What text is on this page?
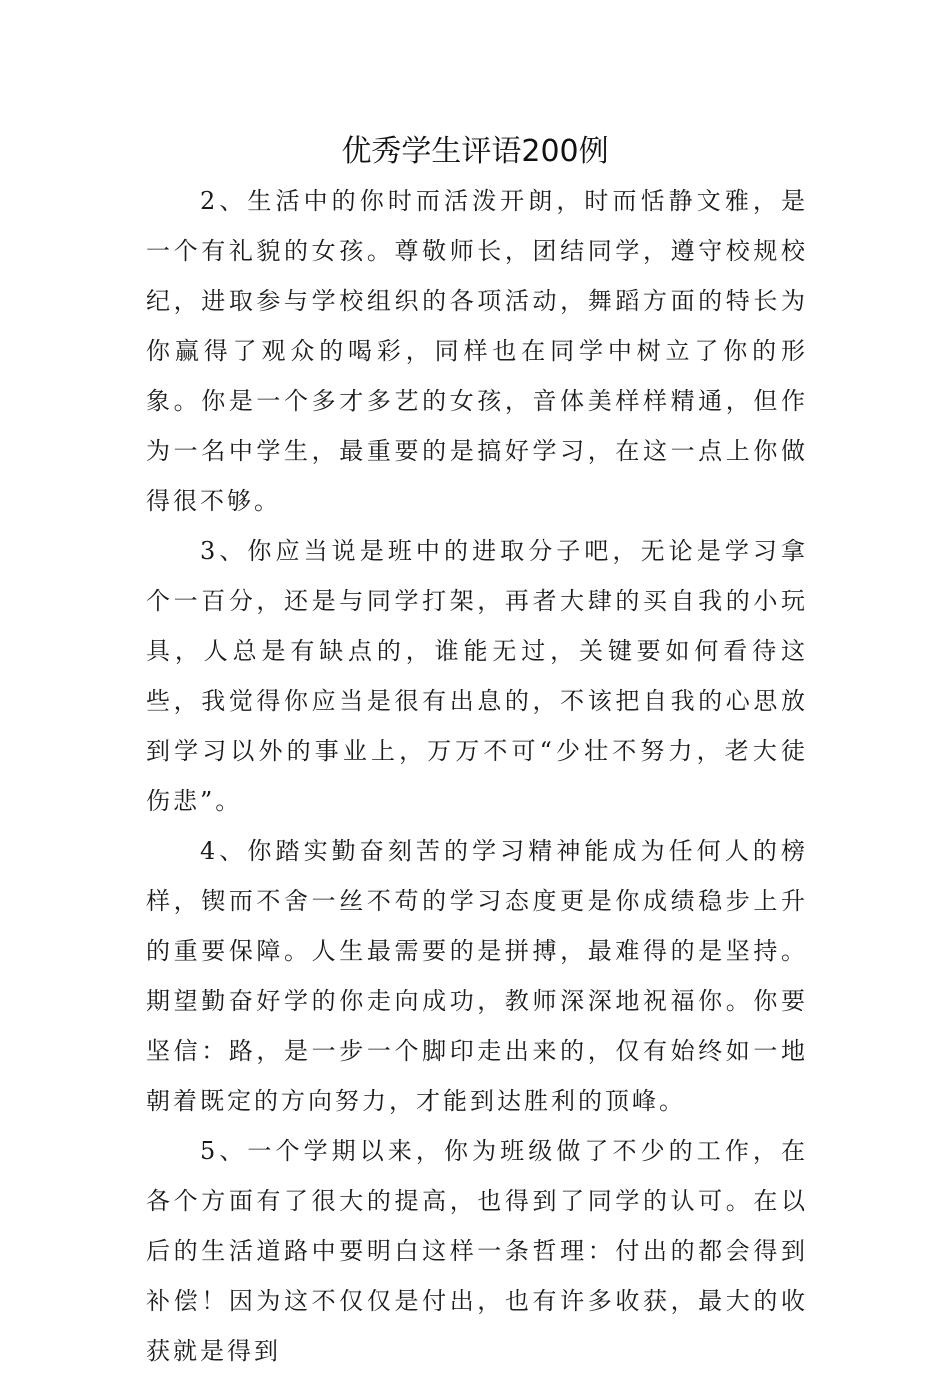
优秀学生评语200例

2、生活中的你时而活泼开朗，时而恬静文雅，是一个有礼貌的女孩。尊敬师长，团结同学，遵守校规校纪，进取参与学校组织的各项活动，舞蹈方面的特长为你赢得了观众的喝彩，同样也在同学中树立了你的形象。你是一个多才多艺的女孩，音体美样样精通，但作为一名中学生，最重要的是搞好学习，在这一点上你做得很不够。

3、你应当说是班中的进取分子吧，无论是学习拿个一百分，还是与同学打架，再者大肆的买自我的小玩具，人总是有缺点的，谁能无过，关键要如何看待这些，我觉得你应当是很有出息的，不该把自我的心思放到学习以外的事业上，万万不可“少壮不努力，老大徒伤悲”。

4、你踏实勤奋刻苦的学习精神能成为任何人的榜样，锲而不舍一丝不苟的学习态度更是你成绩稳步上升的重要保障。人生最需要的是拼搏，最难得的是坚持。期望勤奋好学的你走向成功，教师深深地祝福你。你要坚信：路，是一步一个脚印走出来的，仅有始终如一地朝着既定的方向努力，才能到达胜利的顶峰。

5、一个学期以来，你为班级做了不少的工作，在各个方面有了很大的提高，也得到了同学的认可。在以后的生活道路中要明白这样一条哲理：付出的都会得到补偿！因为这不仅仅是付出，也有许多收获，最大的收获就是得到
